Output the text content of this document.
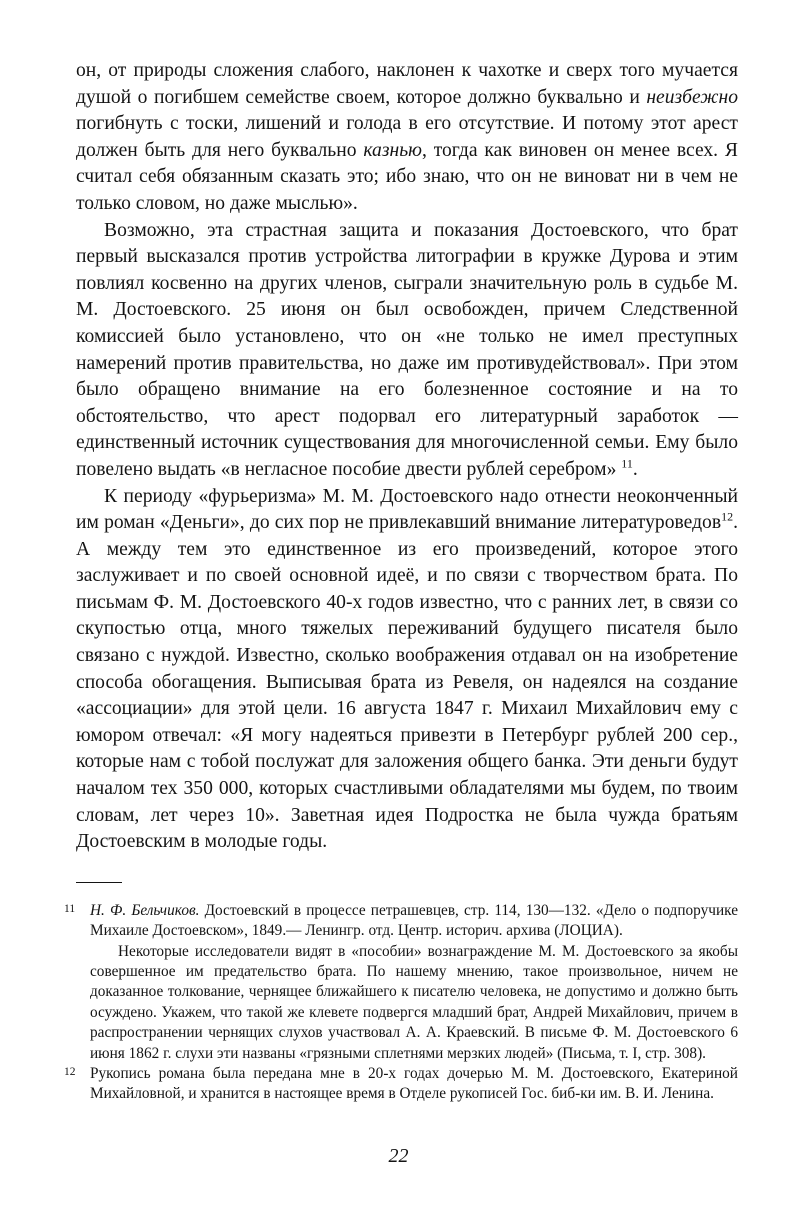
он, от природы сложения слабого, наклонен к чахотке и сверх того мучается душой о погибшем семействе своем, которое должно буквально и неизбежно погибнуть с тоски, лишений и голода в его отсутствие. И потому этот арест должен быть для него буквально казнью, тогда как виновен он менее всех. Я считал себя обязанным сказать это; ибо знаю, что он не виноват ни в чем не только словом, но даже мыслью».

Возможно, эта страстная защита и показания Достоевского, что брат первый высказался против устройства литографии в кружке Дурова и этим повлиял косвенно на других членов, сыграли значительную роль в судьбе М. М. Достоевского. 25 июня он был освобожден, причем Следственной комиссией было установлено, что он «не только не имел преступных намерений против правительства, но даже им противудействовал». При этом было обращено внимание на его болезненное состояние и на то обстоятельство, что арест подорвал его литературный заработок — единственный источник существования для многочисленной семьи. Ему было повелено выдать «в негласное пособие двести рублей серебром» $^{11}$.

К периоду «фурьеризма» М. М. Достоевского надо отнести неоконченный им роман «Деньги», до сих пор не привлекавший внимание литературоведов$^{12}$. А между тем это единственное из его произведений, которое этого заслуживает и по своей основной идеё, и по связи с творчеством брата. По письмам Ф. М. Достоевского 40-х годов известно, что с ранних лет, в связи со скупостью отца, много тяжелых переживаний будущего писателя было связано с нуждой. Известно, сколько воображения отдавал он на изобретение способа обогащения. Выписывая брата из Ревеля, он надеялся на создание «ассоциации» для этой цели. 16 августа 1847 г. Михаил Михайлович ему с юмором отвечал: «Я могу надеяться привезти в Петербург рублей 200 сер., которые нам с тобой послужат для заложения общего банка. Эти деньги будут началом тех 350 000, которых счастливыми обладателями мы будем, по твоим словам, лет через 10». Заветная идея Подростка не была чужда братьям Достоевским в молодые годы.

11 Н. Ф. Бельчиков. Достоевский в процессе петрашевцев, стр. 114, 130—132. «Дело о подпоручике Михаиле Достоевском», 1849.— Ленингр. отд. Центр. историч. архива (ЛОЦИА).

Некоторые исследователи видят в «пособии» вознаграждение М. М. Достоевского за якобы совершенное им предательство брата. По нашему мнению, такое произвольное, ничем не доказанное толкование, чернящее ближайшего к писателю человека, не допустимо и должно быть осуждено. Укажем, что такой же клевете подвергся младший брат, Андрей Михайлович, причем в распространении чернящих слухов участвовал А. А. Краевский. В письме Ф. М. Достоевского 6 июня 1862 г. слухи эти названы «грязными сплетнями мерзких людей» (Письма, т. I, стр. 308).

12 Рукопись романа была передана мне в 20-х годах дочерью М. М. Достоевского, Екатериной Михайловной, и хранится в настоящее время в Отделе рукописей Гос. биб-ки им. В. И. Ленина.

22
